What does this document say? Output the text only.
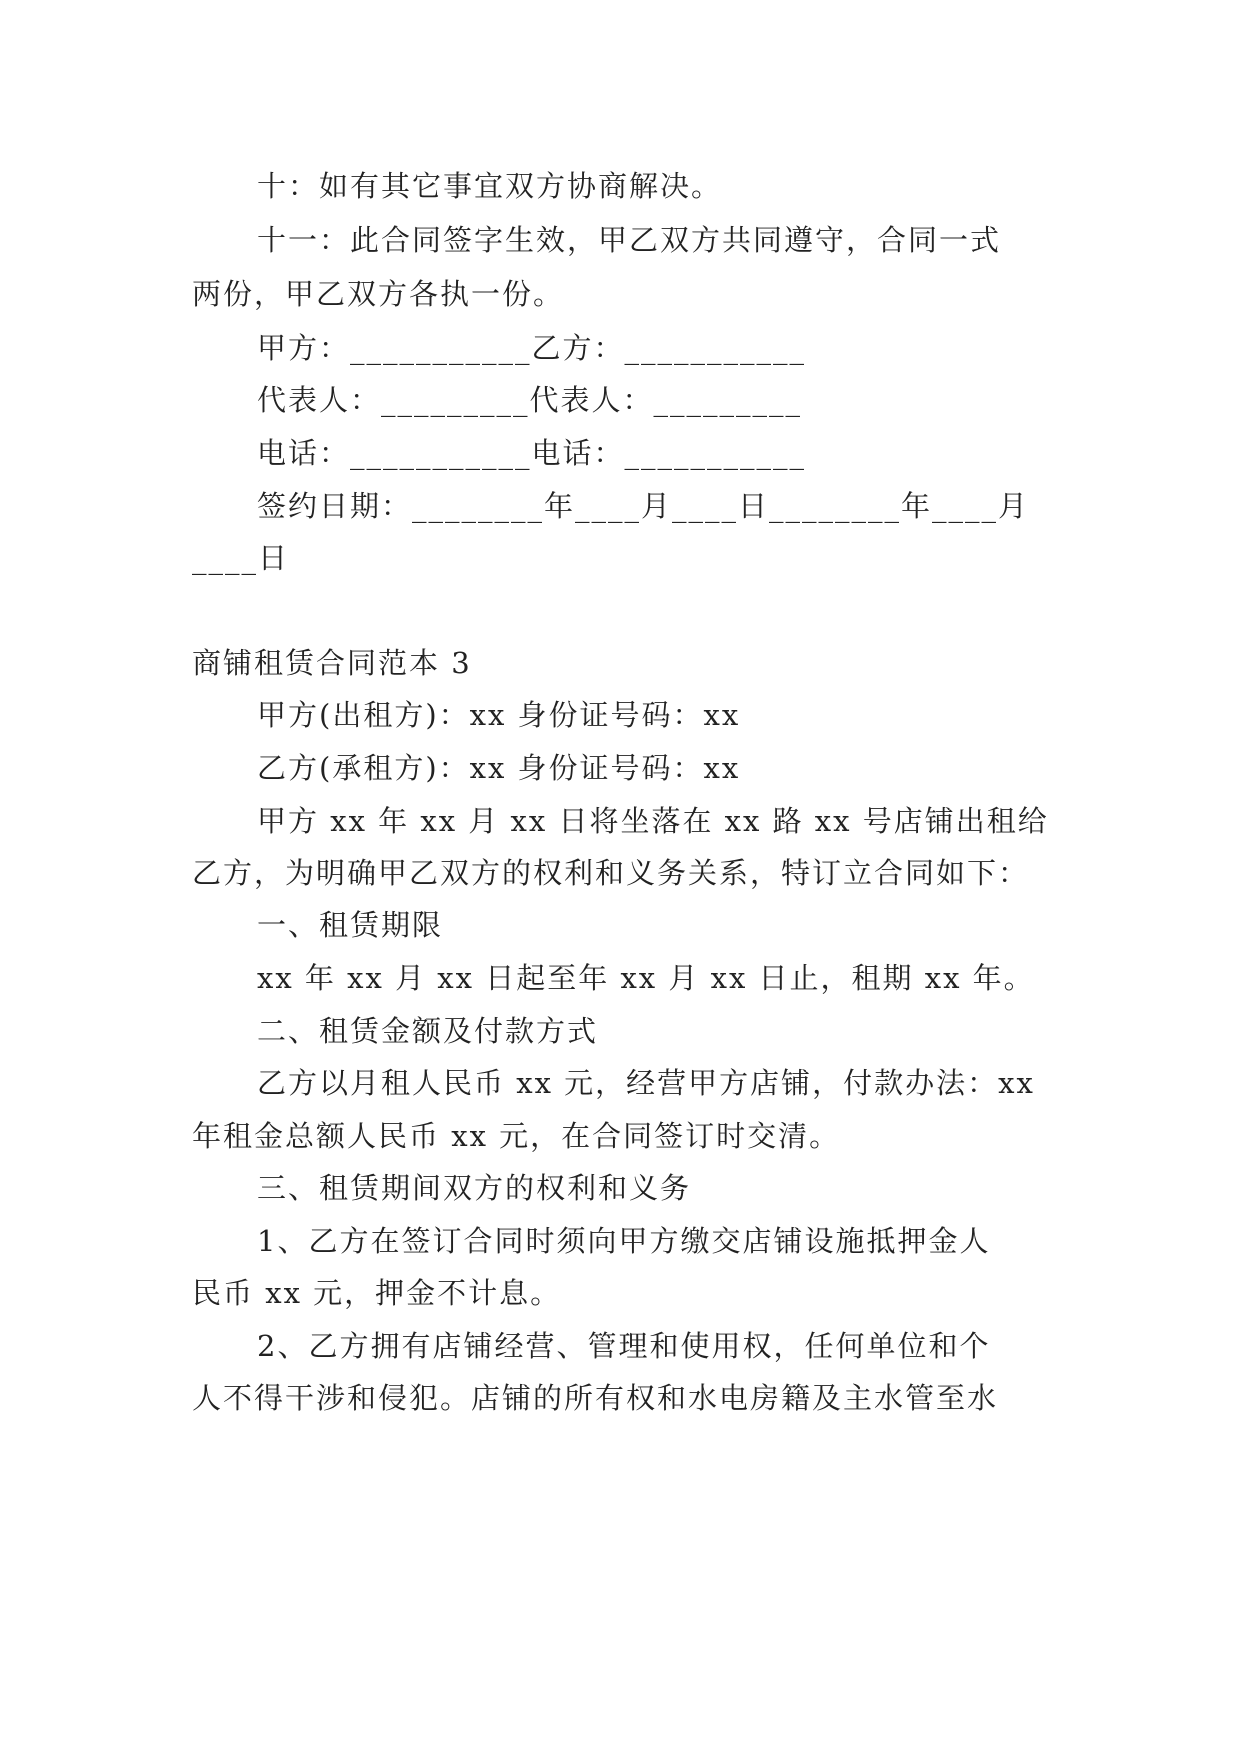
十：如有其它事宜双方协商解决。
十一：此合同签字生效，甲乙双方共同遵守，合同一式
两份，甲乙双方各执一份。
甲方：___________乙方：___________
代表人：_________代表人：_________
电话：___________电话：___________
签约日期：________年____月____日________年____月
____日
商铺租赁合同范本 3
甲方(出租方)：xx 身份证号码：xx
乙方(承租方)：xx 身份证号码：xx
甲方 xx 年 xx 月 xx 日将坐落在 xx 路 xx 号店铺出租给
乙方，为明确甲乙双方的权利和义务关系，特订立合同如下：
一、租赁期限
xx 年 xx 月 xx 日起至年 xx 月 xx 日止，租期 xx 年。
二、租赁金额及付款方式
乙方以月租人民币 xx 元，经营甲方店铺，付款办法：xx
年租金总额人民币 xx 元，在合同签订时交清。
三、租赁期间双方的权利和义务
1、乙方在签订合同时须向甲方缴交店铺设施抵押金人
民币 xx 元，押金不计息。
2、乙方拥有店铺经营、管理和使用权，任何单位和个
人不得干涉和侵犯。店铺的所有权和水电房籍及主水管至水
